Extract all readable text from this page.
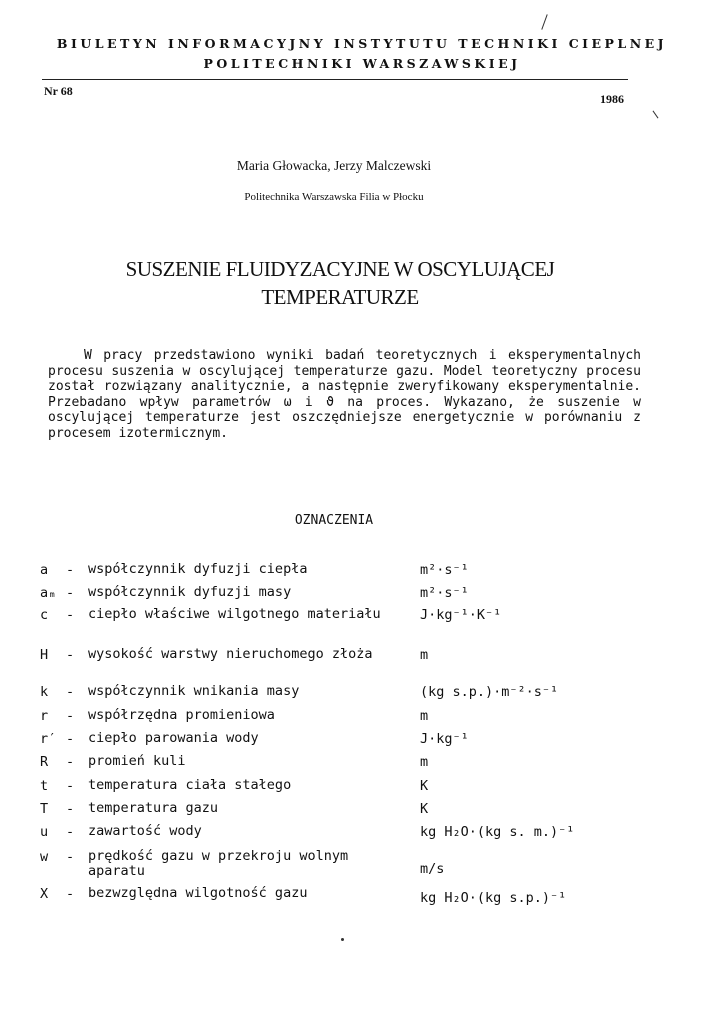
BIULETYN INFORMACYJNY INSTYTUTU TECHNIKI CIEPLNEJ
POLITECHNIKI WARSZAWSKIEJ
Nr 68
1986
Maria Głowacka, Jerzy Malczewski
Politechnika Warszawska Filia w Płocku
SUSZENIE FLUIDYZACYJNE W OSCYLUJĄCEJ
TEMPERATURZE
W pracy przedstawiono wyniki badań teoretycznych i eksperymentalnych procesu suszenia w oscylującej temperaturze gazu. Model teoretyczny procesu został rozwiązany analitycznie, a następnie zweryfikowany eksperymentalnie. Przebadano wpływ parametrów ω i ϑ na proces. Wykazano, że suszenie w oscylującej temperaturze jest oszczędniejsze energetycznie w porównaniu z procesem izotermicznym.
OZNACZENIA
a - współczynnik dyfuzji ciepła	m²·s⁻¹
aₘ - współczynnik dyfuzji masy	m²·s⁻¹
c - ciepło właściwe wilgotnego materiału	J·kg⁻¹·K⁻¹
H - wysokość warstwy nieruchomego złoża	m
k - współczynnik wnikania masy	(kg s.p.)·m⁻²·s⁻¹
r - współrzędna promieniowa	m
r′ - ciepło parowania wody	J·kg⁻¹
R - promień kuli	m
t - temperatura ciała stałego	K
T - temperatura gazu	K
u - zawartość wody	kg H₂O·(kg s. m.)⁻¹
w - prędkość gazu w przekroju wolnym aparatu	m/s
X - bezwzględna wilgotność gazu	kg H₂O·(kg s.p.)⁻¹
